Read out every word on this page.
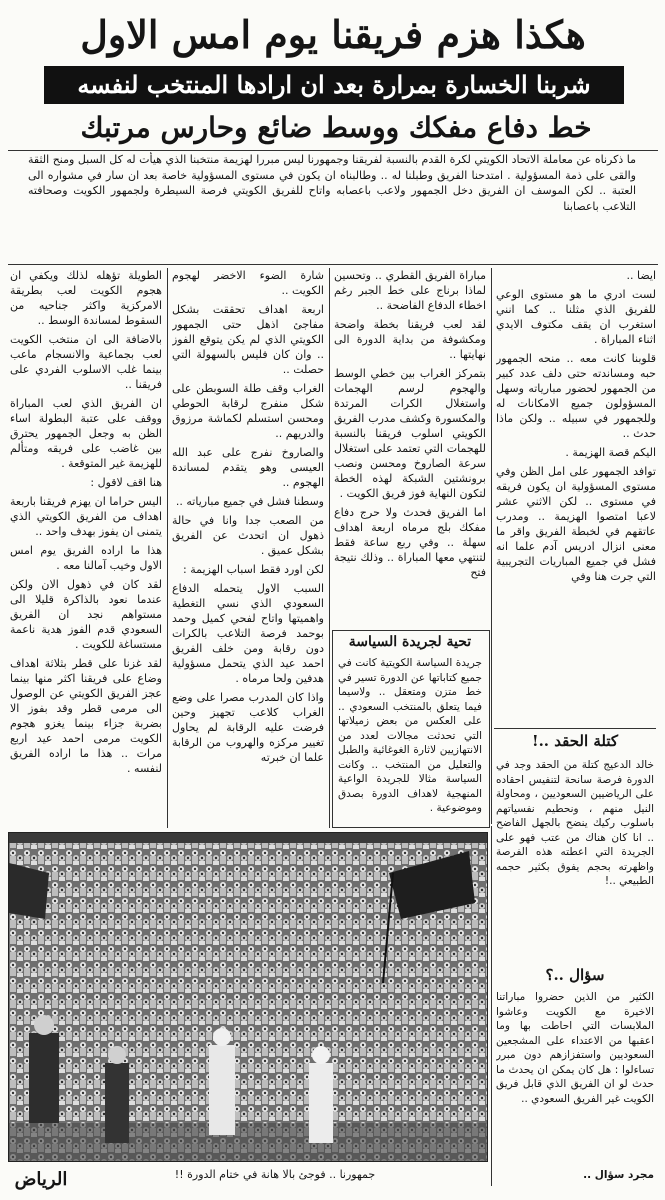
هكذا هزم فريقنا يوم امس الاول
شربنا الخسارة بمرارة بعد ان ارادها المنتخب لنفسه
خط دفاع مفكك ووسط ضائع وحارس مرتبك
ما ذكرناه عن معاملة الاتحاد الكويتي لكرة القدم بالنسبة لفريقنا وجمهورنا ليس مبررا لهزيمة منتخبنا الذي هيأت له كل السبل ومنح الثقة والقى على ذمة المسؤولية . امتدحنا الفريق وطبلنا له .. وطالبناه ان يكون في مستوى المسؤولية خاصة بعد ان سار في مشواره الى العتبة .. لكن الموسف ان الفريق دخل الجمهور ولاعب باعصابه واتاح للفريق الكويتي فرصة السيطرة ولجمهور الكويت وصحافته التلاعب باعصابنا

ايضا ..

لست ادري ما هو مستوى الوعي للفريق الذي مثلنا .. كما انني استغرب ان يقف مكتوف الايدي اثناء المباراة .

قلوبنا كانت معه .. منحه الجمهور حبه ومساندته حتى دلف عدد كبير من الجمهور لحضور مبارياته وسهل المسؤولون جميع الامكانات له وللجمهور في سبيله .. ولكن ماذا حدث ..

اليكم قصة الهزيمة .

توافد الجمهور على امل الظن وفي مستوى المسؤولية ان يكون فريقه في مستوى .. لكن الاثني عشر لاعبا امتصوا الهزيمة .. ومدرب عاتقهم في لخبطة الفريق واقر ما معنى انزال ادريس آدم علما انه فشل في جميع المباريات التجريبية التي جرت هنا وفي

مباراة الفريق القطري .. وتحسين لماذا برناج على خط الجبر رغم اخطاء الدفاع الفاضحة ..

لقد لعب فريقنا بخطة واضحة ومكشوفة من بداية الدورة الى نهايتها ..

بتمركز الغراب بين خطي الوسط والهجوم لرسم الهجمات واستغلال الكرات المرتدة والمكسورة وكشف مدرب الفريق الكويتي اسلوب فريقنا بالنسبة للهجمات التي تعتمد على استغلال سرعة الصاروخ ومحسن ونصب برونشتين الشبكة لهذه الخطة لتكون النهاية فوز فريق الكويت .

اما الفريق فحدث ولا حرج دفاع مفكك بلج مرماه اربعة اهداف سهلة .. وفي ربع ساعة فقط لتنتهي معها المباراة .. وذلك نتيجة فتح

شارة الضوء الاخضر لهجوم الكويت ..

اربعة اهداف تحققت بشكل مفاجئ اذهل حتى الجمهور الكويتي الذي لم يكن يتوقع الفوز .. وان كان فليس بالسهولة التي حصلت ..

الغراب وقف طلة السوبطن على شكل منفرج لرقابة الحوطي ومحسن استسلم لكماشة مرزوق والدريهم ..

والصاروخ نفرج على عبد الله العيسى وهو يتقدم لمساندة الهجوم ..

وسطنا فشل في جميع مبارياته ..

من الصعب جدا وانا في حالة ذهول ان اتحدث عن الفريق بشكل عميق .

لكن اورد فقط اسباب الهزيمة :

السبب الاول يتحمله الدفاع السعودي الذي نسي التغطية واهميتها واتاح لفحي كميل وحمد بوحمد فرصة التلاعب بالكرات دون رقابة ومن خلف الفريق احمد عيد الذي يتحمل مسؤولية هدفين ولحا مرماه .

واذا كان المدرب مصرا على وضع الغراب كلاعب تجهيز وحين فرضت عليه الرقابة لم يحاول تغيير مركزه والهروب من الرقابة علما ان خبرته

الطويلة تؤهله لذلك ويكفي ان هجوم الكويت لعب بطريقة الامركزية واكثر جناحيه من السقوط لمساندة الوسط ..

بالاضافة الى ان منتخب الكويت لعب بجماعية والانسجام ماعب بينما غلب الاسلوب الفردي على فريقنا ..

ان الفريق الذي لعب المباراة ووقف على عتبة البطولة اساء الظن به وجعل الجمهور يحترق بين غاضب على فريقه ومتألم للهزيمة غير المتوقعة .

هنا اقف لاقول :

اليس حراما ان يهزم فريقنا باربعة اهداف من الفريق الكويتي الذي يتمنى ان يفوز بهدف واحد ..

هذا ما اراده الفريق يوم امس الاول وخيب آمالنا معه .

لقد كان في ذهول الان ولكن عندما نعود بالذاكرة قليلا الى مستواهم نجد ان الفريق السعودي قدم الفوز هدية ناعمة مستساغة للكويت .

لقد غزنا على قطر بثلاثة اهداف وضاع على فريقنا اكثر منها بينما عجز الفريق الكويتي عن الوصول الى مرمى قطر وقد بفوز الا بضربة جزاء بينما يغزو هجوم الكويت مرمى احمد عيد اربع مرات .. هذا ما اراده الفريق لنفسه .

تحية لجريدة السياسة
جريدة السياسة الكويتية كانت في جميع كتاباتها عن الدورة تسير في خط متزن ومتعقل .. ولاسيما فيما يتعلق بالمنتخب السعودي .. على العكس من بعض زميلاتها التي تحدثت مجالات لعدد من الانتهازيين لاثارة الغوغائية والطبل والتعليل من المنتخب .. وكانت السياسة مثالا للجريدة الواعية المنهجية لاهداف الدورة بصدق وموضوعية .
كتلة الحقد ..!
خالد الدعيج كتلة من الحقد وجد في الدورة فرصة سانحة لتنفيس احقاده على الرياضيين السعوديين ، ومحاولة النيل منهم ، ونحطيم نفسياتهم باسلوب ركيك ينضح بالجهل الفاضح .. انا كان هناك من عتب فهو على الجريدة التي اعطته هذه الفرصة واظهرته بحجم يفوق بكثير حجمه الطبيعي ..!
سؤال ..؟
الكثير من الذين حضروا مباراتنا الاخيرة مع الكويت وعاشوا الملابسات التي احاطت بها وما اعقبها من الاعتداء على المشجعين السعوديين واستفزازهم دون مبرر تساءلوا : هل كان يمكن ان يحدث ما حدث لو ان الفريق الذي قابل فريق الكويت غير الفريق السعودي ..
مجرد سؤال ..
جمهورنا .. فوجئ بالا هانة في ختام الدورة !!
الرياض
